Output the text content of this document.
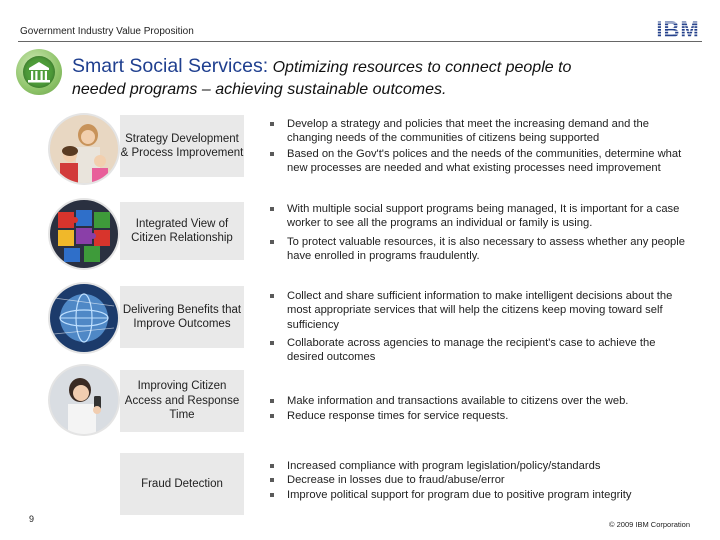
Government Industry Value Proposition	IBM
Smart Social Services: Optimizing resources to connect people to
needed programs – achieving sustainable outcomes.
Strategy Development & Process Improvement
Develop a strategy and policies that meet the increasing demand and the changing needs of the communities of citizens being supported
Based on the Gov't's polices and the needs of the communities, determine what new processes are needed and what existing processes need improvement
Integrated View of Citizen Relationship
With multiple social support programs being managed, It is important for a case worker to see all the programs an individual or family is using.
To protect valuable resources, it is also necessary to assess whether any people have enrolled in programs fraudulently.
Delivering Benefits that Improve Outcomes
Collect and share sufficient information to make intelligent decisions about the most appropriate services that will help the citizens keep moving toward self sufficiency
Collaborate across agencies to manage the recipient's case to achieve the desired outcomes
Improving Citizen Access and Response Time
Make information and transactions available to citizens over the web.
Reduce response times for service requests.
Fraud Detection
Increased compliance with program legislation/policy/standards
Decrease in losses due to fraud/abuse/error
Improve political support for program due to positive program integrity
9
© 2009 IBM Corporation
